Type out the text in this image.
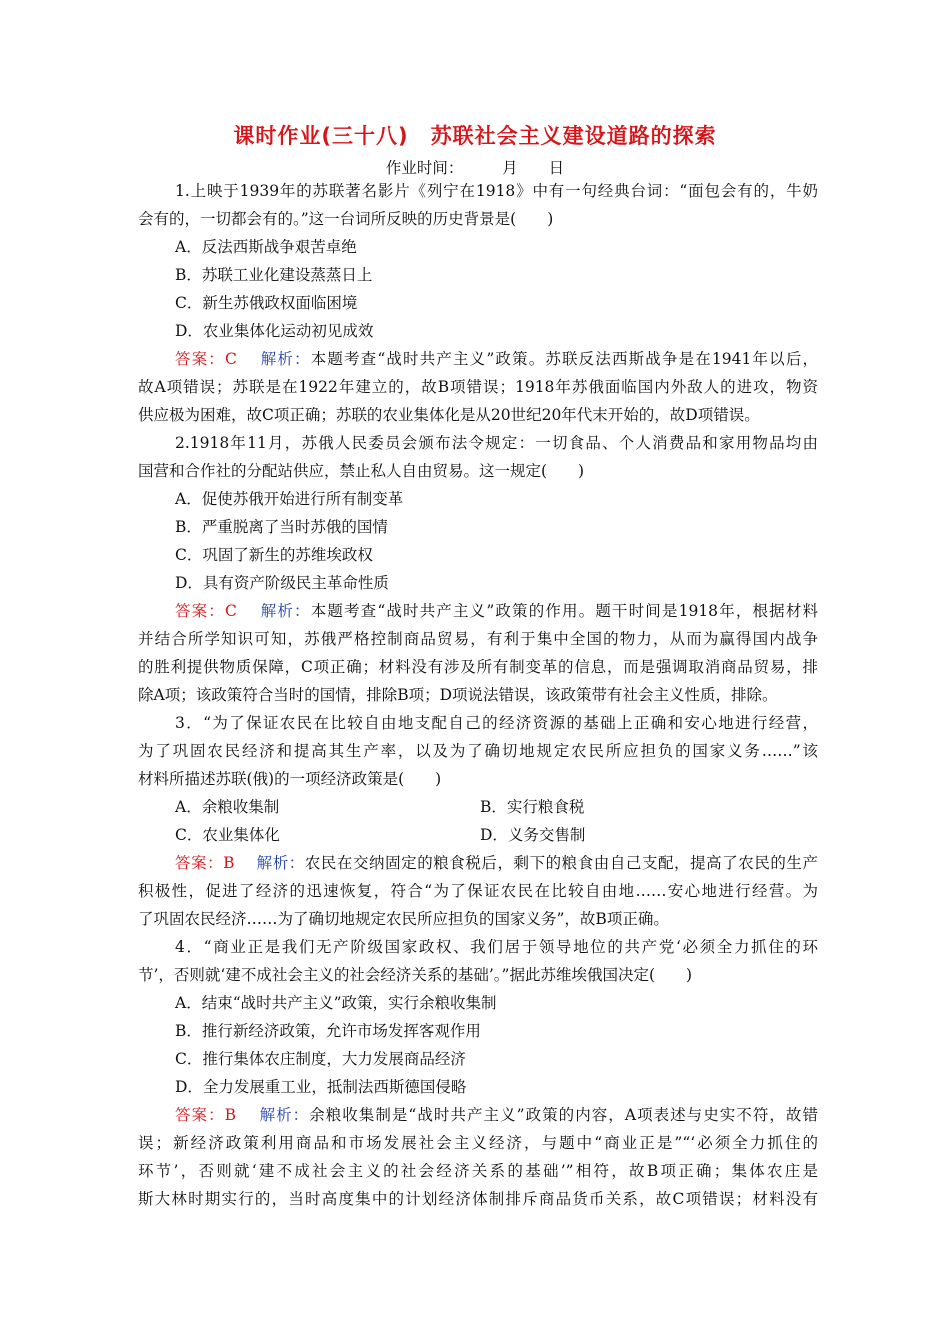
课时作业(三十八)　苏联社会主义建设道路的探索
作业时间：　　　月　　日
1.上映于1939年的苏联著名影片《列宁在1918》中有一句经典台词：“面包会有的，牛奶
会有的，一切都会有的。”这一台词所反映的历史背景是(　　)
A．反法西斯战争艰苦卓绝
B．苏联工业化建设蒸蒸日上
C．新生苏俄政权面临困境
D．农业集体化运动初见成效
答案：C　 解析：本题考查“战时共产主义”政策。苏联反法西斯战争是在1941年以后，
故A项错误；苏联是在1922年建立的，故B项错误；1918年苏俄面临国内外敌人的进攻，物资
供应极为困难，故C项正确；苏联的农业集体化是从20世纪20年代末开始的，故D项错误。
2.1918年11月，苏俄人民委员会颁布法令规定：一切食品、个人消费品和家用物品均由
国营和合作社的分配站供应，禁止私人自由贸易。这一规定(　　)
A．促使苏俄开始进行所有制变革
B．严重脱离了当时苏俄的国情
C．巩固了新生的苏维埃政权
D．具有资产阶级民主革命性质
答案：C　 解析：本题考查“战时共产主义”政策的作用。题干时间是1918年，根据材料
并结合所学知识可知，苏俄严格控制商品贸易，有利于集中全国的物力，从而为赢得国内战争
的胜利提供物质保障，C项正确；材料没有涉及所有制变革的信息，而是强调取消商品贸易，排
除A项；该政策符合当时的国情，排除B项；D项说法错误，该政策带有社会主义性质，排除。
3．“为了保证农民在比较自由地支配自己的经济资源的基础上正确和安心地进行经营，
为了巩固农民经济和提高其生产率，以及为了确切地规定农民所应担负的国家义务……”该
材料所描述苏联(俄)的一项经济政策是(　　)
A．余粮收集制	B．实行粮食税
C．农业集体化	D．义务交售制
答案：B　 解析：农民在交纳固定的粮食税后，剩下的粮食由自己支配，提高了农民的生产
积极性，促进了经济的迅速恢复，符合“为了保证农民在比较自由地……安心地进行经营。为
了巩固农民经济……为了确切地规定农民所应担负的国家义务”，故B项正确。
4．“商业正是我们无产阶级国家政权、我们居于领导地位的共产党‘必须全力抓住的环
节’，否则就‘建不成社会主义的社会经济关系的基础’。”据此苏维埃俄国决定(　　)
A．结束“战时共产主义”政策，实行余粮收集制
B．推行新经济政策，允许市场发挥客观作用
C．推行集体农庄制度，大力发展商品经济
D．全力发展重工业，抵制法西斯德国侵略
答案：B　 解析：余粮收集制是“战时共产主义”政策的内容，A项表述与史实不符，故错
误；新经济政策利用商品和市场发展社会主义经济，与题中“商业正是”“‘必须全力抓住的
环节’，否则就‘建不成社会主义的社会经济关系的基础’”相符，故B项正确；集体农庄是
斯大林时期实行的，当时高度集中的计划经济体制排斥商品货币关系，故C项错误；材料没有
